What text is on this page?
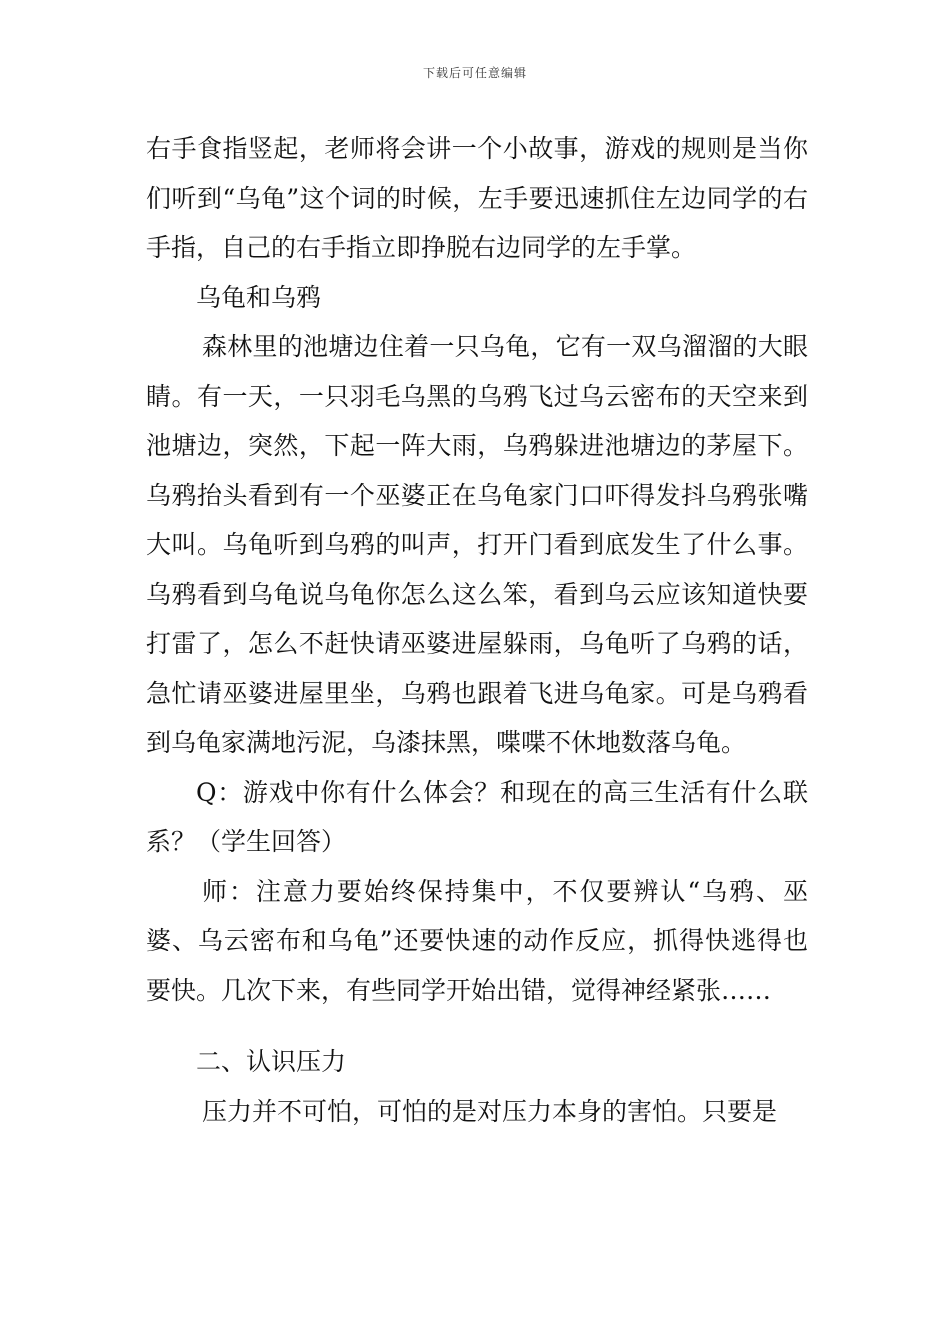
下载后可任意编辑

右手食指竖起，老师将会讲一个小故事，游戏的规则是当你们听到“乌龟”这个词的时候，左手要迅速抓住左边同学的右手指，自己的右手指立即挣脱右边同学的左手掌。

乌龟和乌鸦

森林里的池塘边住着一只乌龟，它有一双乌溜溜的大眼睛。有一天，一只羽毛乌黑的乌鸦飞过乌云密布的天空来到池塘边，突然，下起一阵大雨，乌鸦躲进池塘边的茅屋下。乌鸦抬头看到有一个巫婆正在乌龟家门口吓得发抖乌鸦张嘴大叫。乌龟听到乌鸦的叫声，打开门看到底发生了什么事。乌鸦看到乌龟说乌龟你怎么这么笨，看到乌云应该知道快要打雷了，怎么不赶快请巫婆进屋躲雨，乌龟听了乌鸦的话，急忙请巫婆进屋里坐，乌鸦也跟着飞进乌龟家。可是乌鸦看到乌龟家满地污泥，乌漆抹黑，喋喋不休地数落乌龟。

Q：游戏中你有什么体会？和现在的高三生活有什么联系？（学生回答）

师：注意力要始终保持集中，不仅要辨认“乌鸦、巫婆、乌云密布和乌龟”还要快速的动作反应，抓得快逃得也要快。几次下来，有些同学开始出错，觉得神经紧张……

二、认识压力

压力并不可怕，可怕的是对压力本身的害怕。只要是
